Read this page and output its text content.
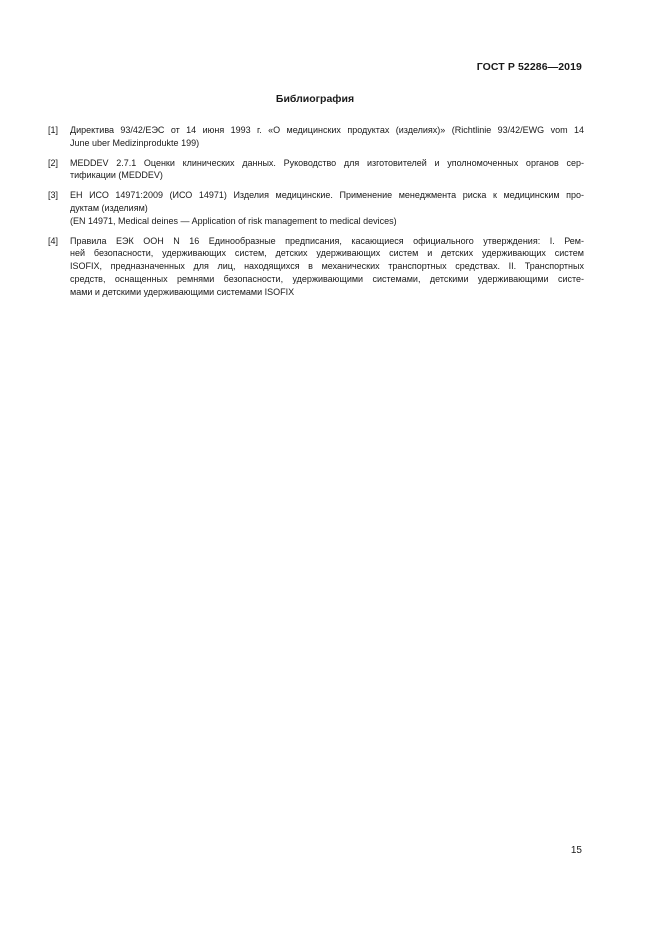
ГОСТ Р 52286—2019
Библиография
[1] Директива 93/42/ЕЭС от 14 июня 1993 г. «О медицинских продуктах (изделиях)» (Richtlinie 93/42/EWG vom 14
June uber Medizinprodukte 199)
[2] MEDDEV 2.7.1 Оценки клинических данных. Руководство для изготовителей и уполномоченных органов сер-
тификации (MEDDEV)
[3] ЕН ИСО 14971:2009 (ИСО 14971) Изделия медицинские. Применение менеджмента риска к медицинским про-
дуктам (изделиям)
(EN 14971, Medical deines — Application of risk management to medical devices)
[4] Правила ЕЭК ООН N 16 Единообразные предписания, касающиеся официального утверждения: I. Рем-
ней безопасности, удерживающих систем, детских удерживающих систем и детских удерживающих систем
ISOFIX, предназначенных для лиц, находящихся в механических транспортных средствах. II. Транспортных
средств, оснащенных ремнями безопасности, удерживающими системами, детскими удерживающими систе-
мами и детскими удерживающими системами ISOFIX
15
